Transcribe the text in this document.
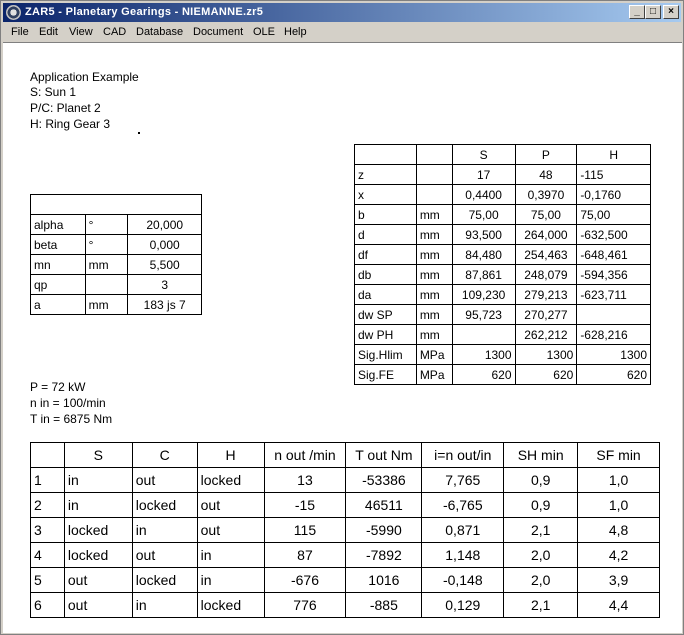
ZAR5 - Planetary Gearings - NIEMANNE.zr5	_	□	×
File Edit View CAD Database Document OLE Help
Application Example
S: Sun 1
P/C: Planet 2
H: Ring Gear 3

alpha	°	20,000
beta	°	0,000
mn	mm	5,500
qp		3
a	mm	183 js 7
		S	P	H
z		17	48	-115
x		0,4400	0,3970	-0,1760
b	mm	75,00	75,00	75,00
d	mm	93,500	264,000	-632,500
df	mm	84,480	254,463	-648,461
db	mm	87,861	248,079	-594,356
da	mm	109,230	279,213	-623,711
dw SP	mm	95,723	270,277	
dw PH	mm		262,212	-628,216
Sig.Hlim	MPa	1300	1300	1300
Sig.FE	MPa	620	620	620
P = 72 kW
n in = 100/min
T in = 6875 Nm
	S	C	H	n out /min	T out Nm	i=n out/in	SH min	SF min
1	in	out	locked	13	-53386	7,765	0,9	1,0
2	in	locked	out	-15	46511	-6,765	0,9	1,0
3	locked	in	out	115	-5990	0,871	2,1	4,8
4	locked	out	in	87	-7892	1,148	2,0	4,2
5	out	locked	in	-676	1016	-0,148	2,0	3,9
6	out	in	locked	776	-885	0,129	2,1	4,4
